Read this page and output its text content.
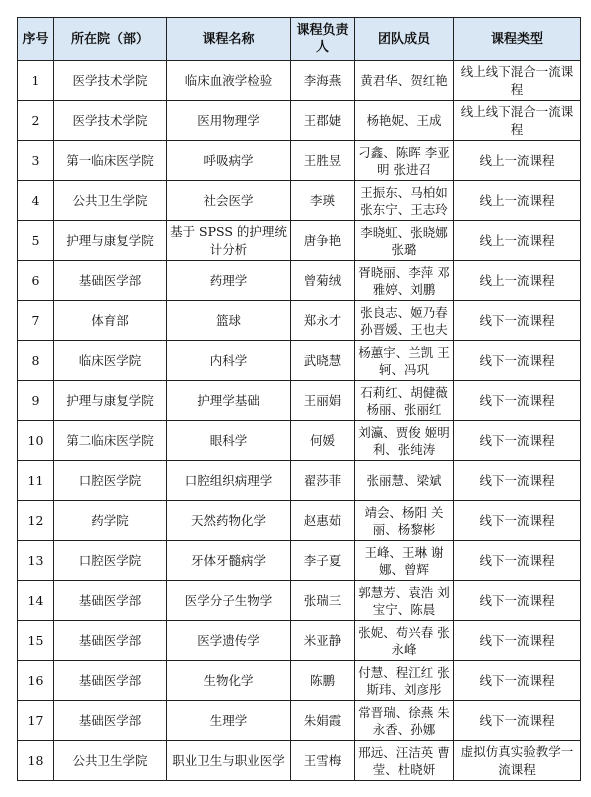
序号	所在院（部）	课程名称	课程负责人	团队成员	课程类型
1	医学技术学院	临床血液学检验	李海燕	黄君华、贺红艳	线上线下混合一流课程
2	医学技术学院	医用物理学	王郡婕	杨艳妮、王成	线上线下混合一流课程
3	第一临床医学院	呼吸病学	王胜昱	刁鑫、陈晖 李亚明 张进召	线上一流课程
4	公共卫生学院	社会医学	李瑛	王振东、马柏如 张东宁、王志玲	线上一流课程
5	护理与康复学院	基于 SPSS 的护理统计分析	唐争艳	李晓虹、张晓娜 张璐	线上一流课程
6	基础医学部	药理学	曾菊绒	胥晓丽、李萍 邓雅婷、刘鹏	线上一流课程
7	体育部	篮球	郑永才	张良志、姬乃春 孙晋媛、王也夫	线下一流课程
8	临床医学院	内科学	武晓慧	杨蕙宇、兰凯 王轲、冯巩	线下一流课程
9	护理与康复学院	护理学基础	王丽娟	石莉红、胡健薇 杨丽、张丽红	线下一流课程
10	第二临床医学院	眼科学	何媛	刘瀛、贾俊 姬明利、张纯涛	线下一流课程
11	口腔医学院	口腔组织病理学	翟莎菲	张丽慧、梁斌	线下一流课程
12	药学院	天然药物化学	赵惠茹	靖会、杨阳 关丽、杨黎彬	线下一流课程
13	口腔医学院	牙体牙髓病学	李子夏	王峰、王琳 谢娜、曾辉	线下一流课程
14	基础医学部	医学分子生物学	张瑞三	郭慧芳、袁浩 刘宝宁、陈晨	线下一流课程
15	基础医学部	医学遗传学	米亚静	张妮、苟兴春 张永峰	线下一流课程
16	基础医学部	生物化学	陈鹏	付慧、程江红 张斯玮、刘彦彤	线下一流课程
17	基础医学部	生理学	朱娟霞	常晋瑞、徐燕 朱永香、孙娜	线下一流课程
18	公共卫生学院	职业卫生与职业医学	王雪梅	邢远、汪洁英 曹莹、杜晓妍	虚拟仿真实验教学一流课程
